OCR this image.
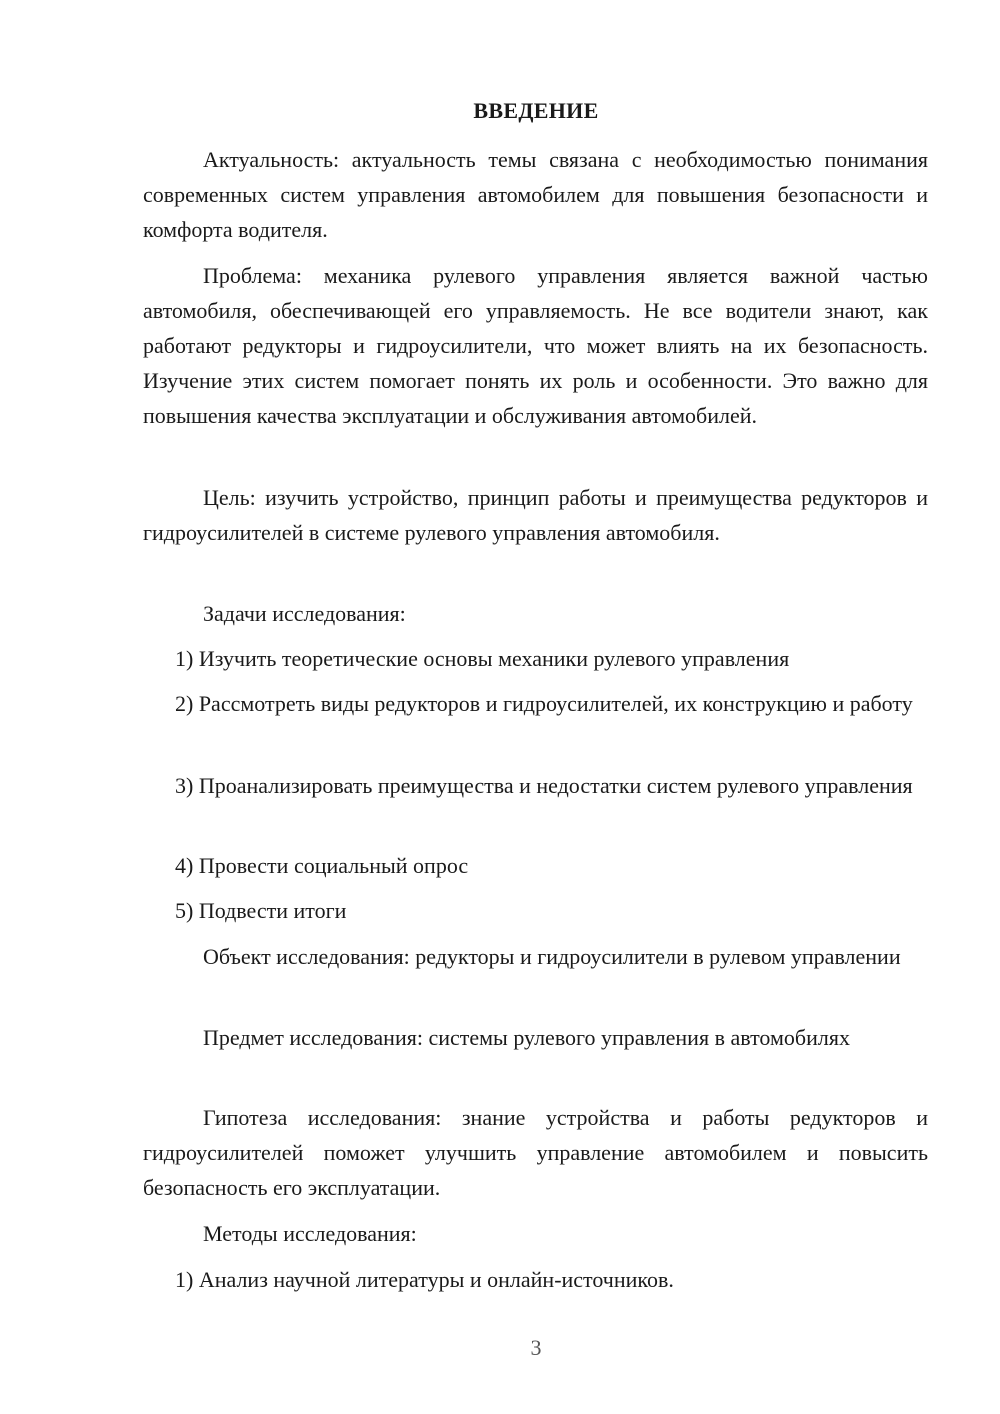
ВВЕДЕНИЕ

Актуальность: актуальность темы связана с необходимостью понимания современных систем управления автомобилем для повышения безопасности и комфорта водителя.

Проблема: механика рулевого управления является важной частью автомобиля, обеспечивающей его управляемость. Не все водители знают, как работают редукторы и гидроусилители, что может влиять на их безопасность. Изучение этих систем помогает понять их роль и особенности. Это важно для повышения качества эксплуатации и обслуживания автомобилей.

Цель: изучить устройство, принцип работы и преимущества редукторов и гидроусилителей в системе рулевого управления автомобиля.

Задачи исследования:

1) Изучить теоретические основы механики рулевого управления

2) Рассмотреть виды редукторов и гидроусилителей, их конструкцию и работу

3) Проанализировать преимущества и недостатки систем рулевого управления

4) Провести социальный опрос

5) Подвести итоги

Объект исследования: редукторы и гидроусилители в рулевом управлении

Предмет исследования: системы рулевого управления в автомобилях

Гипотеза исследования: знание устройства и работы редукторов и гидроусилителей поможет улучшить управление автомобилем и повысить безопасность его эксплуатации.

Методы исследования:

1) Анализ научной литературы и онлайн-источников.

3
